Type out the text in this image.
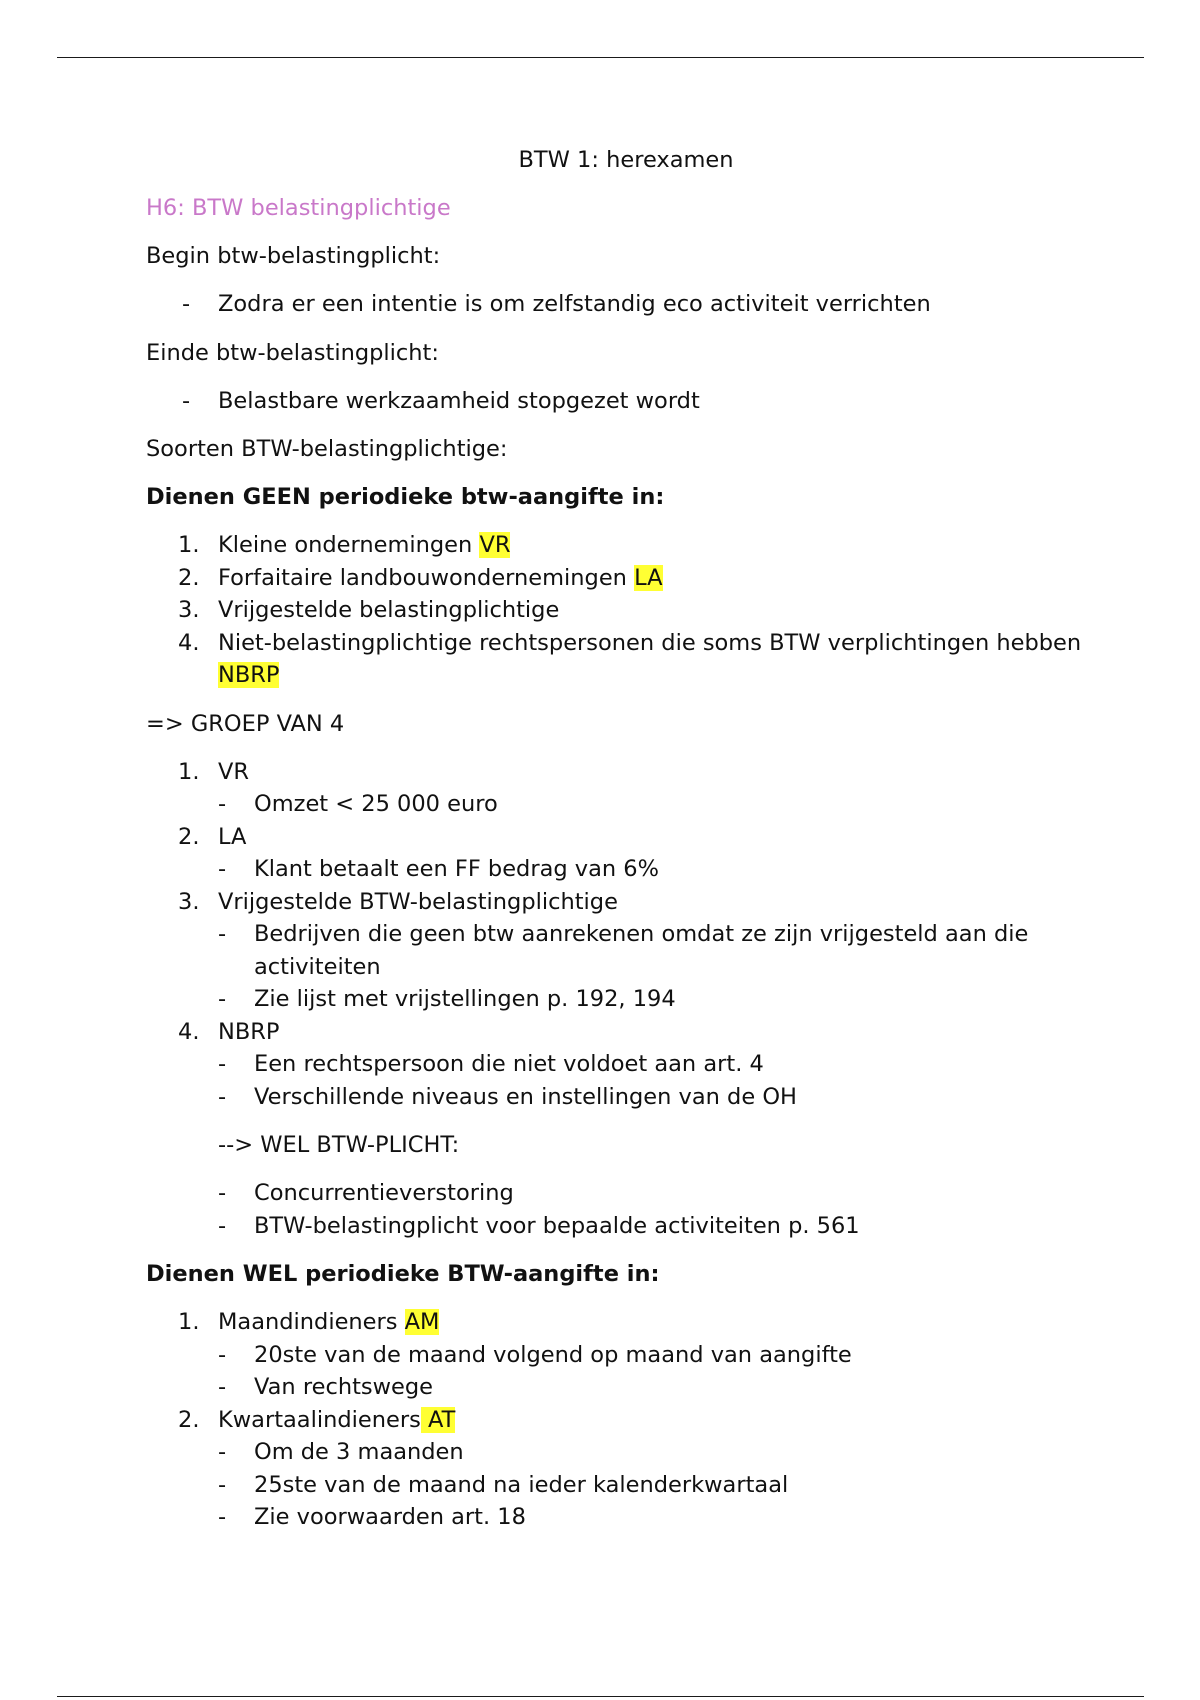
BTW 1: herexamen
H6: BTW belastingplichtige

Begin btw-belastingplicht:

-	Zodra er een intentie is om zelfstandig eco activiteit verrichten

Einde btw-belastingplicht:

-	Belastbare werkzaamheid stopgezet wordt

Soorten BTW-belastingplichtige:

Dienen GEEN periodieke btw-aangifte in:

1. Kleine ondernemingen VR
2. Forfaitaire landbouwondernemingen LA
3. Vrijgestelde belastingplichtige
4. Niet-belastingplichtige rechtspersonen die soms BTW verplichtingen hebben NBRP

=> GROEP VAN 4

1. VR
-	Omzet < 25 000 euro
2. LA
-	Klant betaalt een FF bedrag van 6%
3. Vrijgestelde BTW-belastingplichtige
-	Bedrijven die geen btw aanrekenen omdat ze zijn vrijgesteld aan die activiteiten
-	Zie lijst met vrijstellingen p. 192, 194
4. NBRP
-	Een rechtspersoon die niet voldoet aan art. 4
-	Verschillende niveaus en instellingen van de OH
--> WEL BTW-PLICHT:
-	Concurrentieverstoring
-	BTW-belastingplicht voor bepaalde activiteiten p. 561

Dienen WEL periodieke BTW-aangifte in:

1. Maandindieners AM
-	20ste van de maand volgend op maand van aangifte
-	Van rechtswege
2. Kwartaalindieners AT
-	Om de 3 maanden
-	25ste van de maand na ieder kalenderkwartaal
-	Zie voorwaarden art. 18
